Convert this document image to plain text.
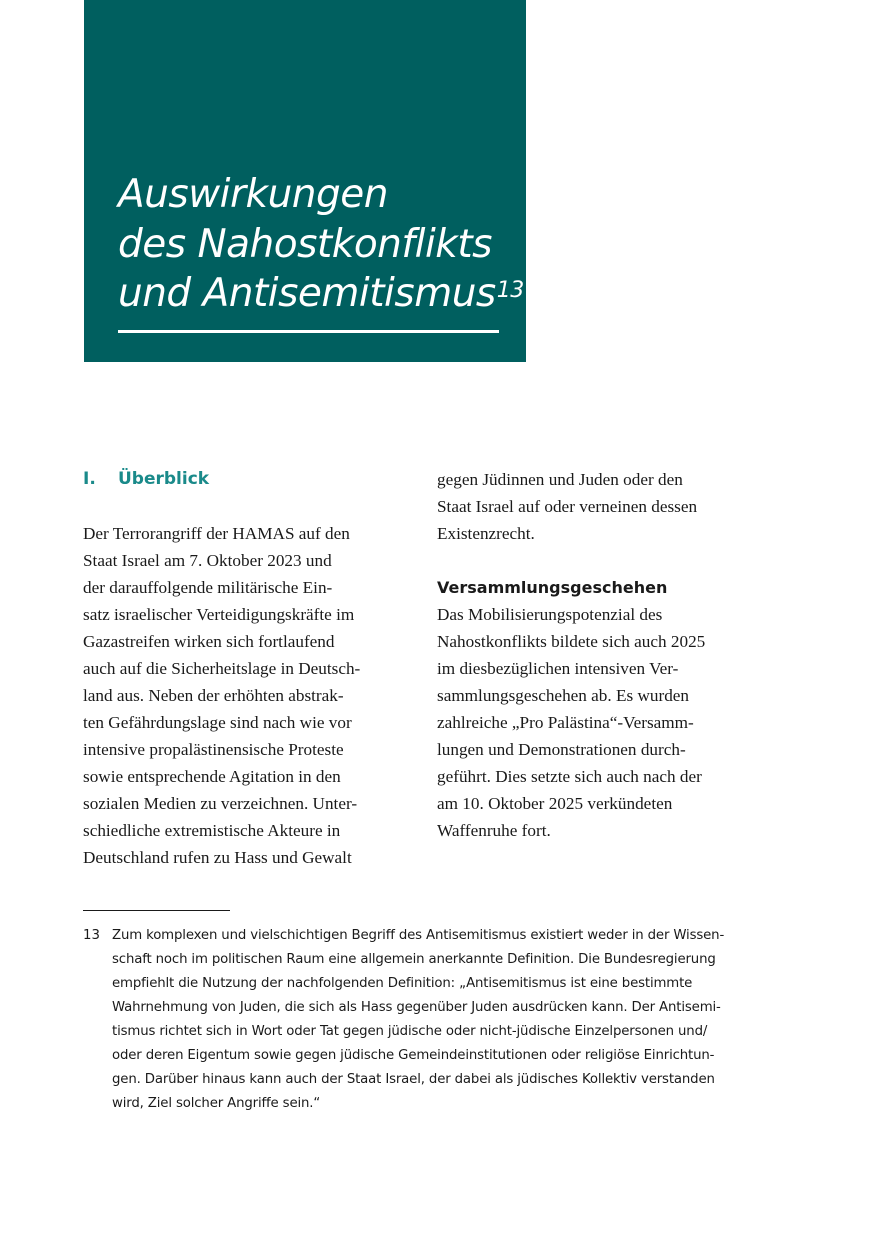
Auswirkungen
des Nahostkonflikts
und Antisemitismus$^{13}$
I. Überblick
Der Terrorangriff der HAMAS auf den
Staat Israel am 7. Oktober 2023 und
der darauffolgende militärische Ein-
satz israelischer Verteidigungskräfte im
Gazastreifen wirken sich fortlaufend
auch auf die Sicherheitslage in Deutsch-
land aus. Neben der erhöhten abstrak-
ten Gefährdungslage sind nach wie vor
intensive propalästinensische Proteste
sowie entsprechende Agitation in den
sozialen Medien zu verzeichnen. Unter-
schiedliche extremistische Akteure in
Deutschland rufen zu Hass und Gewalt
gegen Jüdinnen und Juden oder den
Staat Israel auf oder verneinen dessen
Existenzrecht.
Versammlungsgeschehen
Das Mobilisierungspotenzial des
Nahostkonflikts bildete sich auch 2025
im diesbezüglichen intensiven Ver-
sammlungsgeschehen ab. Es wurden
zahlreiche „Pro Palästina“-Versamm-
lungen und Demonstrationen durch-
geführt. Dies setzte sich auch nach der
am 10. Oktober 2025 verkündeten
Waffenruhe fort.
13 Zum komplexen und vielschichtigen Begriff des Antisemitismus existiert weder in der Wissen-
schaft noch im politischen Raum eine allgemein anerkannte Definition. Die Bundesregierung
empfiehlt die Nutzung der nachfolgenden Definition: „Antisemitismus ist eine bestimmte
Wahrnehmung von Juden, die sich als Hass gegenüber Juden ausdrücken kann. Der Antisemi-
tismus richtet sich in Wort oder Tat gegen jüdische oder nicht-jüdische Einzelpersonen und/
oder deren Eigentum sowie gegen jüdische Gemeindeinstitutionen oder religiöse Einrichtun-
gen. Darüber hinaus kann auch der Staat Israel, der dabei als jüdisches Kollektiv verstanden
wird, Ziel solcher Angriffe sein.“
